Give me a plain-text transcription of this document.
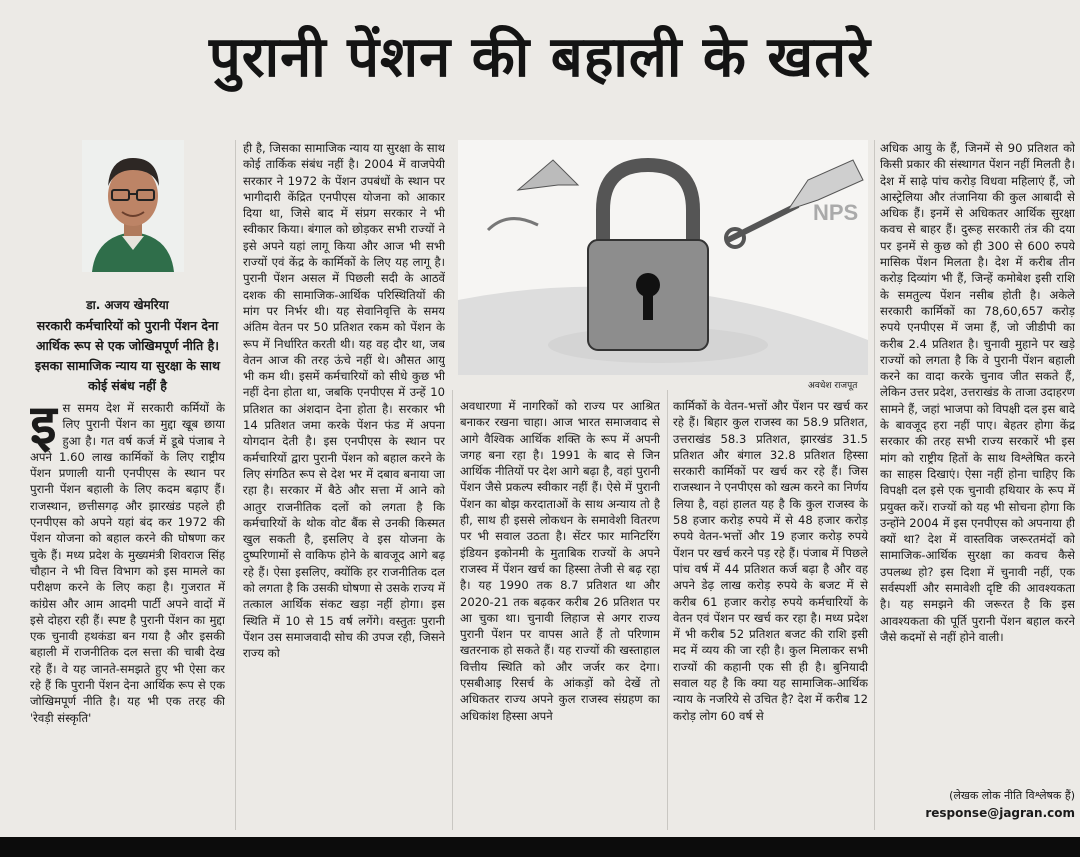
पुरानी पेंशन की बहाली के खतरे
डा. अजय खेमरिया
सरकारी कर्मचारियों को पुरानी पेंशन देना आर्थिक रूप से एक जोखिमपूर्ण नीति है। इसका सामाजिक न्याय या सुरक्षा के साथ कोई संबंध नहीं है
NPS
अवधेश राजपूत
इ स समय देश में सरकारी कर्मियों के लिए पुरानी पेंशन का मुद्दा खूब छाया हुआ है। गत वर्ष कर्ज में डूबे पंजाब ने अपने 1.60 लाख कार्मिकों के लिए राष्ट्रीय पेंशन प्रणाली यानी एनपीएस के स्थान पर पुरानी पेंशन बहाली के लिए कदम बढ़ाए हैं। राजस्थान, छत्तीसगढ़ और झारखंड पहले ही एनपीएस को अपने यहां बंद कर 1972 की पेंशन योजना को बहाल करने की घोषणा कर चुके हैं। मध्य प्रदेश के मुख्यमंत्री शिवराज सिंह चौहान ने भी वित्त विभाग को इस मामले का परीक्षण करने के लिए कहा है। गुजरात में कांग्रेस और आम आदमी पार्टी अपने वादों में इसे दोहरा रही हैं। स्पष्ट है पुरानी पेंशन का मुद्दा एक चुनावी हथकंडा बन गया है और इसकी बहाली में राजनीतिक दल सत्ता की चाबी देख रहे हैं। वे यह जानते-समझते हुए भी ऐसा कर रहे हैं कि पुरानी पेंशन देना आर्थिक रूप से एक जोखिमपूर्ण नीति है। यह भी एक तरह की 'रेवड़ी संस्कृति'

ही है, जिसका सामाजिक न्याय या सुरक्षा के साथ कोई तार्किक संबंध नहीं है। 2004 में वाजपेयी सरकार ने 1972 के पेंशन उपबंधों के स्थान पर भागीदारी केंद्रित एनपीएस योजना को आकार दिया था, जिसे बाद में संप्रग सरकार ने भी स्वीकार किया। बंगाल को छोड़कर सभी राज्यों ने इसे अपने यहां लागू किया और आज भी सभी राज्यों एवं केंद्र के कार्मिकों के लिए यह लागू है। पुरानी पेंशन असल में पिछली सदी के आठवें दशक की सामाजिक-आर्थिक परिस्थितियों की मांग पर निर्भर थी। यह सेवानिवृत्ति के समय अंतिम वेतन पर 50 प्रतिशत रकम को पेंशन के रूप में निर्धारित करती थी। यह वह दौर था, जब वेतन आज की तरह ऊंचे नहीं थे। औसत आयु भी कम थी। इसमें कर्मचारियों को सीधे कुछ भी नहीं देना होता था, जबकि एनपीएस में उन्हें 10 प्रतिशत का अंशदान देना होता है। सरकार भी 14 प्रतिशत जमा करके पेंशन फंड में अपना योगदान देती है। इस एनपीएस के स्थान पर कर्मचारियों द्वारा पुरानी पेंशन को बहाल करने के लिए संगठित रूप से देश भर में दबाव बनाया जा रहा है। सरकार में बैठे और सत्ता में आने को आतुर राजनीतिक दलों को लगता है कि कर्मचारियों के थोक वोट बैंक से उनकी किस्मत खुल सकती है, इसलिए वे इस योजना के दुष्परिणामों से वाकिफ होने के बावजूद आगे बढ़ रहे हैं। ऐसा इसलिए, क्योंकि हर राजनीतिक दल को लगता है कि उसकी घोषणा से उसके राज्य में तत्काल आर्थिक संकट खड़ा नहीं होगा। इस स्थिति में 10 से 15 वर्ष लगेंगे। वस्तुतः पुरानी पेंशन उस समाजवादी सोच की उपज रही, जिसने राज्य को

अवधारणा में नागरिकों को राज्य पर आश्रित बनाकर रखना चाहा। आज भारत समाजवाद से आगे वैश्विक आर्थिक शक्ति के रूप में अपनी जगह बना रहा है। 1991 के बाद से जिन आर्थिक नीतियों पर देश आगे बढ़ा है, वहां पुरानी पेंशन जैसे प्रकल्प स्वीकार नहीं हैं। ऐसे में पुरानी पेंशन का बोझ करदाताओं के साथ अन्याय तो है ही, साथ ही इससे लोकधन के समावेशी वितरण पर भी सवाल उठता है। सेंटर फार मानिटरिंग इंडियन इकोनमी के मुताबिक राज्यों के अपने राजस्व में पेंशन खर्च का हिस्सा तेजी से बढ़ रहा है। यह 1990 तक 8.7 प्रतिशत था और 2020-21 तक बढ़कर करीब 26 प्रतिशत पर आ चुका था। चुनावी लिहाज से अगर राज्य पुरानी पेंशन पर वापस आते हैं तो परिणाम खतरनाक हो सकते हैं। यह राज्यों की खस्ताहाल वित्तीय स्थिति को और जर्जर कर देगा। एसबीआइ रिसर्च के आंकड़ों को देखें तो अधिकतर राज्य अपने कुल राजस्व संग्रहण का अधिकांश हिस्सा अपने

कार्मिकों के वेतन-भत्तों और पेंशन पर खर्च कर रहे हैं। बिहार कुल राजस्व का 58.9 प्रतिशत, उत्तराखंड 58.3 प्रतिशत, झारखंड 31.5 प्रतिशत और बंगाल 32.8 प्रतिशत हिस्सा सरकारी कार्मिकों पर खर्च कर रहे हैं। जिस राजस्थान ने एनपीएस को खत्म करने का निर्णय लिया है, वहां हालत यह है कि कुल राजस्व के 58 हजार करोड़ रुपये में से 48 हजार करोड़ रुपये वेतन-भत्तों और 19 हजार करोड़ रुपये पेंशन पर खर्च करने पड़ रहे हैं। पंजाब में पिछले पांच वर्ष में 44 प्रतिशत कर्ज बढ़ा है और वह अपने डेढ़ लाख करोड़ रुपये के बजट में से करीब 61 हजार करोड़ रुपये कर्मचारियों के वेतन एवं पेंशन पर खर्च कर रहा है। मध्य प्रदेश में भी करीब 52 प्रतिशत बजट की राशि इसी मद में व्यय की जा रही है। कुल मिलाकर सभी राज्यों की कहानी एक सी ही है। बुनियादी सवाल यह है कि क्या यह सामाजिक-आर्थिक न्याय के नजरिये से उचित है? देश में करीब 12 करोड़ लोग 60 वर्ष से

अधिक आयु के हैं, जिनमें से 90 प्रतिशत को किसी प्रकार की संस्थागत पेंशन नहीं मिलती है। देश में साढ़े पांच करोड़ विधवा महिलाएं हैं, जो आस्ट्रेलिया और तंजानिया की कुल आबादी से अधिक हैं। इनमें से अधिकतर आर्थिक सुरक्षा कवच से बाहर हैं। दुरूह सरकारी तंत्र की दया पर इनमें से कुछ को ही 300 से 600 रुपये मासिक पेंशन मिलता है। देश में करीब तीन करोड़ दिव्यांग भी हैं, जिन्हें कमोबेश इसी राशि के समतुल्य पेंशन नसीब होती है। अकेले सरकारी कार्मिकों का 78,60,657 करोड़ रुपये एनपीएस में जमा हैं, जो जीडीपी का करीब 2.4 प्रतिशत है। चुनावी मुहाने पर खड़े राज्यों को लगता है कि वे पुरानी पेंशन बहाली करने का वादा करके चुनाव जीत सकते हैं, लेकिन उत्तर प्रदेश, उत्तराखंड के ताजा उदाहरण सामने हैं, जहां भाजपा को विपक्षी दल इस बादे के बावजूद हरा नहीं पाए। बेहतर होगा केंद्र सरकार की तरह सभी राज्य सरकारें भी इस मांग को राष्ट्रीय हितों के साथ विश्लेषित करने का साहस दिखाएं। ऐसा नहीं होना चाहिए कि विपक्षी दल इसे एक चुनावी हथियार के रूप में प्रयुक्त करें। राज्यों को यह भी सोचना होगा कि उन्होंने 2004 में इस एनपीएस को अपनाया ही क्यों था? देश में वास्तविक जरूरतमंदों को सामाजिक-आर्थिक सुरक्षा का कवच कैसे उपलब्ध हो? इस दिशा में चुनावी नहीं, एक सर्वस्पर्शी और समावेशी दृष्टि की आवश्यकता है। यह समझने की जरूरत है कि इस आवश्यकता की पूर्ति पुरानी पेंशन बहाल करने जैसे कदमों से नहीं होने वाली।

(लेखक लोक नीति विश्लेषक हैं)
response@jagran.com
